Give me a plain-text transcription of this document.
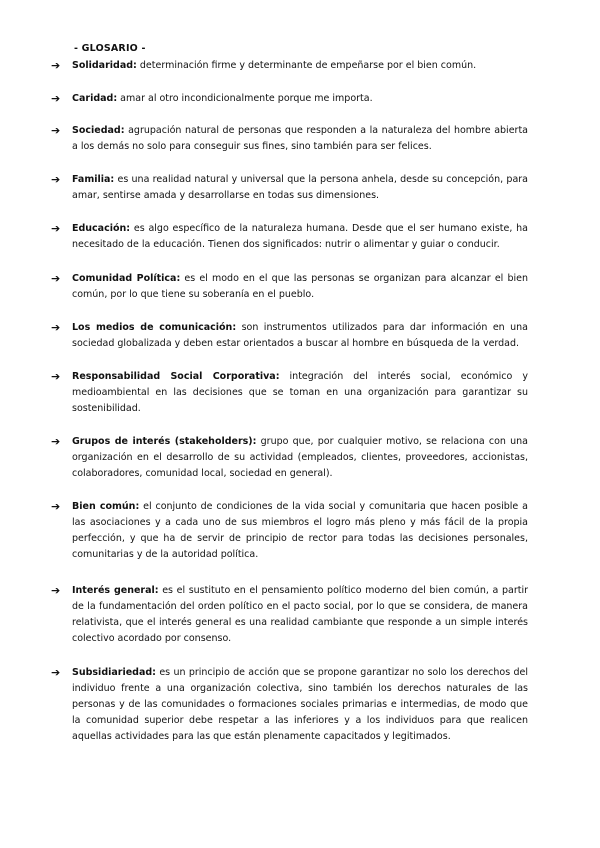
- GLOSARIO -
➔ Solidaridad: determinación firme y determinante de empeñarse por el bien común.
➔ Caridad: amar al otro incondicionalmente porque me importa.
➔ Sociedad: agrupación natural de personas que responden a la naturaleza del hombre abierta a los demás no solo para conseguir sus fines, sino también para ser felices.
➔ Familia: es una realidad natural y universal que la persona anhela, desde su concepción, para amar, sentirse amada y desarrollarse en todas sus dimensiones.
➔ Educación: es algo específico de la naturaleza humana. Desde que el ser humano existe, ha necesitado de la educación. Tienen dos significados: nutrir o alimentar y guiar o conducir.
➔ Comunidad Política: es el modo en el que las personas se organizan para alcanzar el bien común, por lo que tiene su soberanía en el pueblo.
➔ Los medios de comunicación: son instrumentos utilizados para dar información en una sociedad globalizada y deben estar orientados a buscar al hombre en búsqueda de la verdad.
➔ Responsabilidad Social Corporativa: integración del interés social, económico y medioambiental en las decisiones que se toman en una organización para garantizar su sostenibilidad.
➔ Grupos de interés (stakeholders): grupo que, por cualquier motivo, se relaciona con una organización en el desarrollo de su actividad (empleados, clientes, proveedores, accionistas, colaboradores, comunidad local, sociedad en general).
➔ Bien común: el conjunto de condiciones de la vida social y comunitaria que hacen posible a las asociaciones y a cada uno de sus miembros el logro más pleno y más fácil de la propia perfección, y que ha de servir de principio de rector para todas las decisiones personales, comunitarias y de la autoridad política.
➔ Interés general: es el sustituto en el pensamiento político moderno del bien común, a partir de la fundamentación del orden político en el pacto social, por lo que se considera, de manera relativista, que el interés general es una realidad cambiante que responde a un simple interés colectivo acordado por consenso.
➔ Subsidiariedad: es un principio de acción que se propone garantizar no solo los derechos del individuo frente a una organización colectiva, sino también los derechos naturales de las personas y de las comunidades o formaciones sociales primarias e intermedias, de modo que la comunidad superior debe respetar a las inferiores y a los individuos para que realicen aquellas actividades para las que están plenamente capacitados y legitimados.
